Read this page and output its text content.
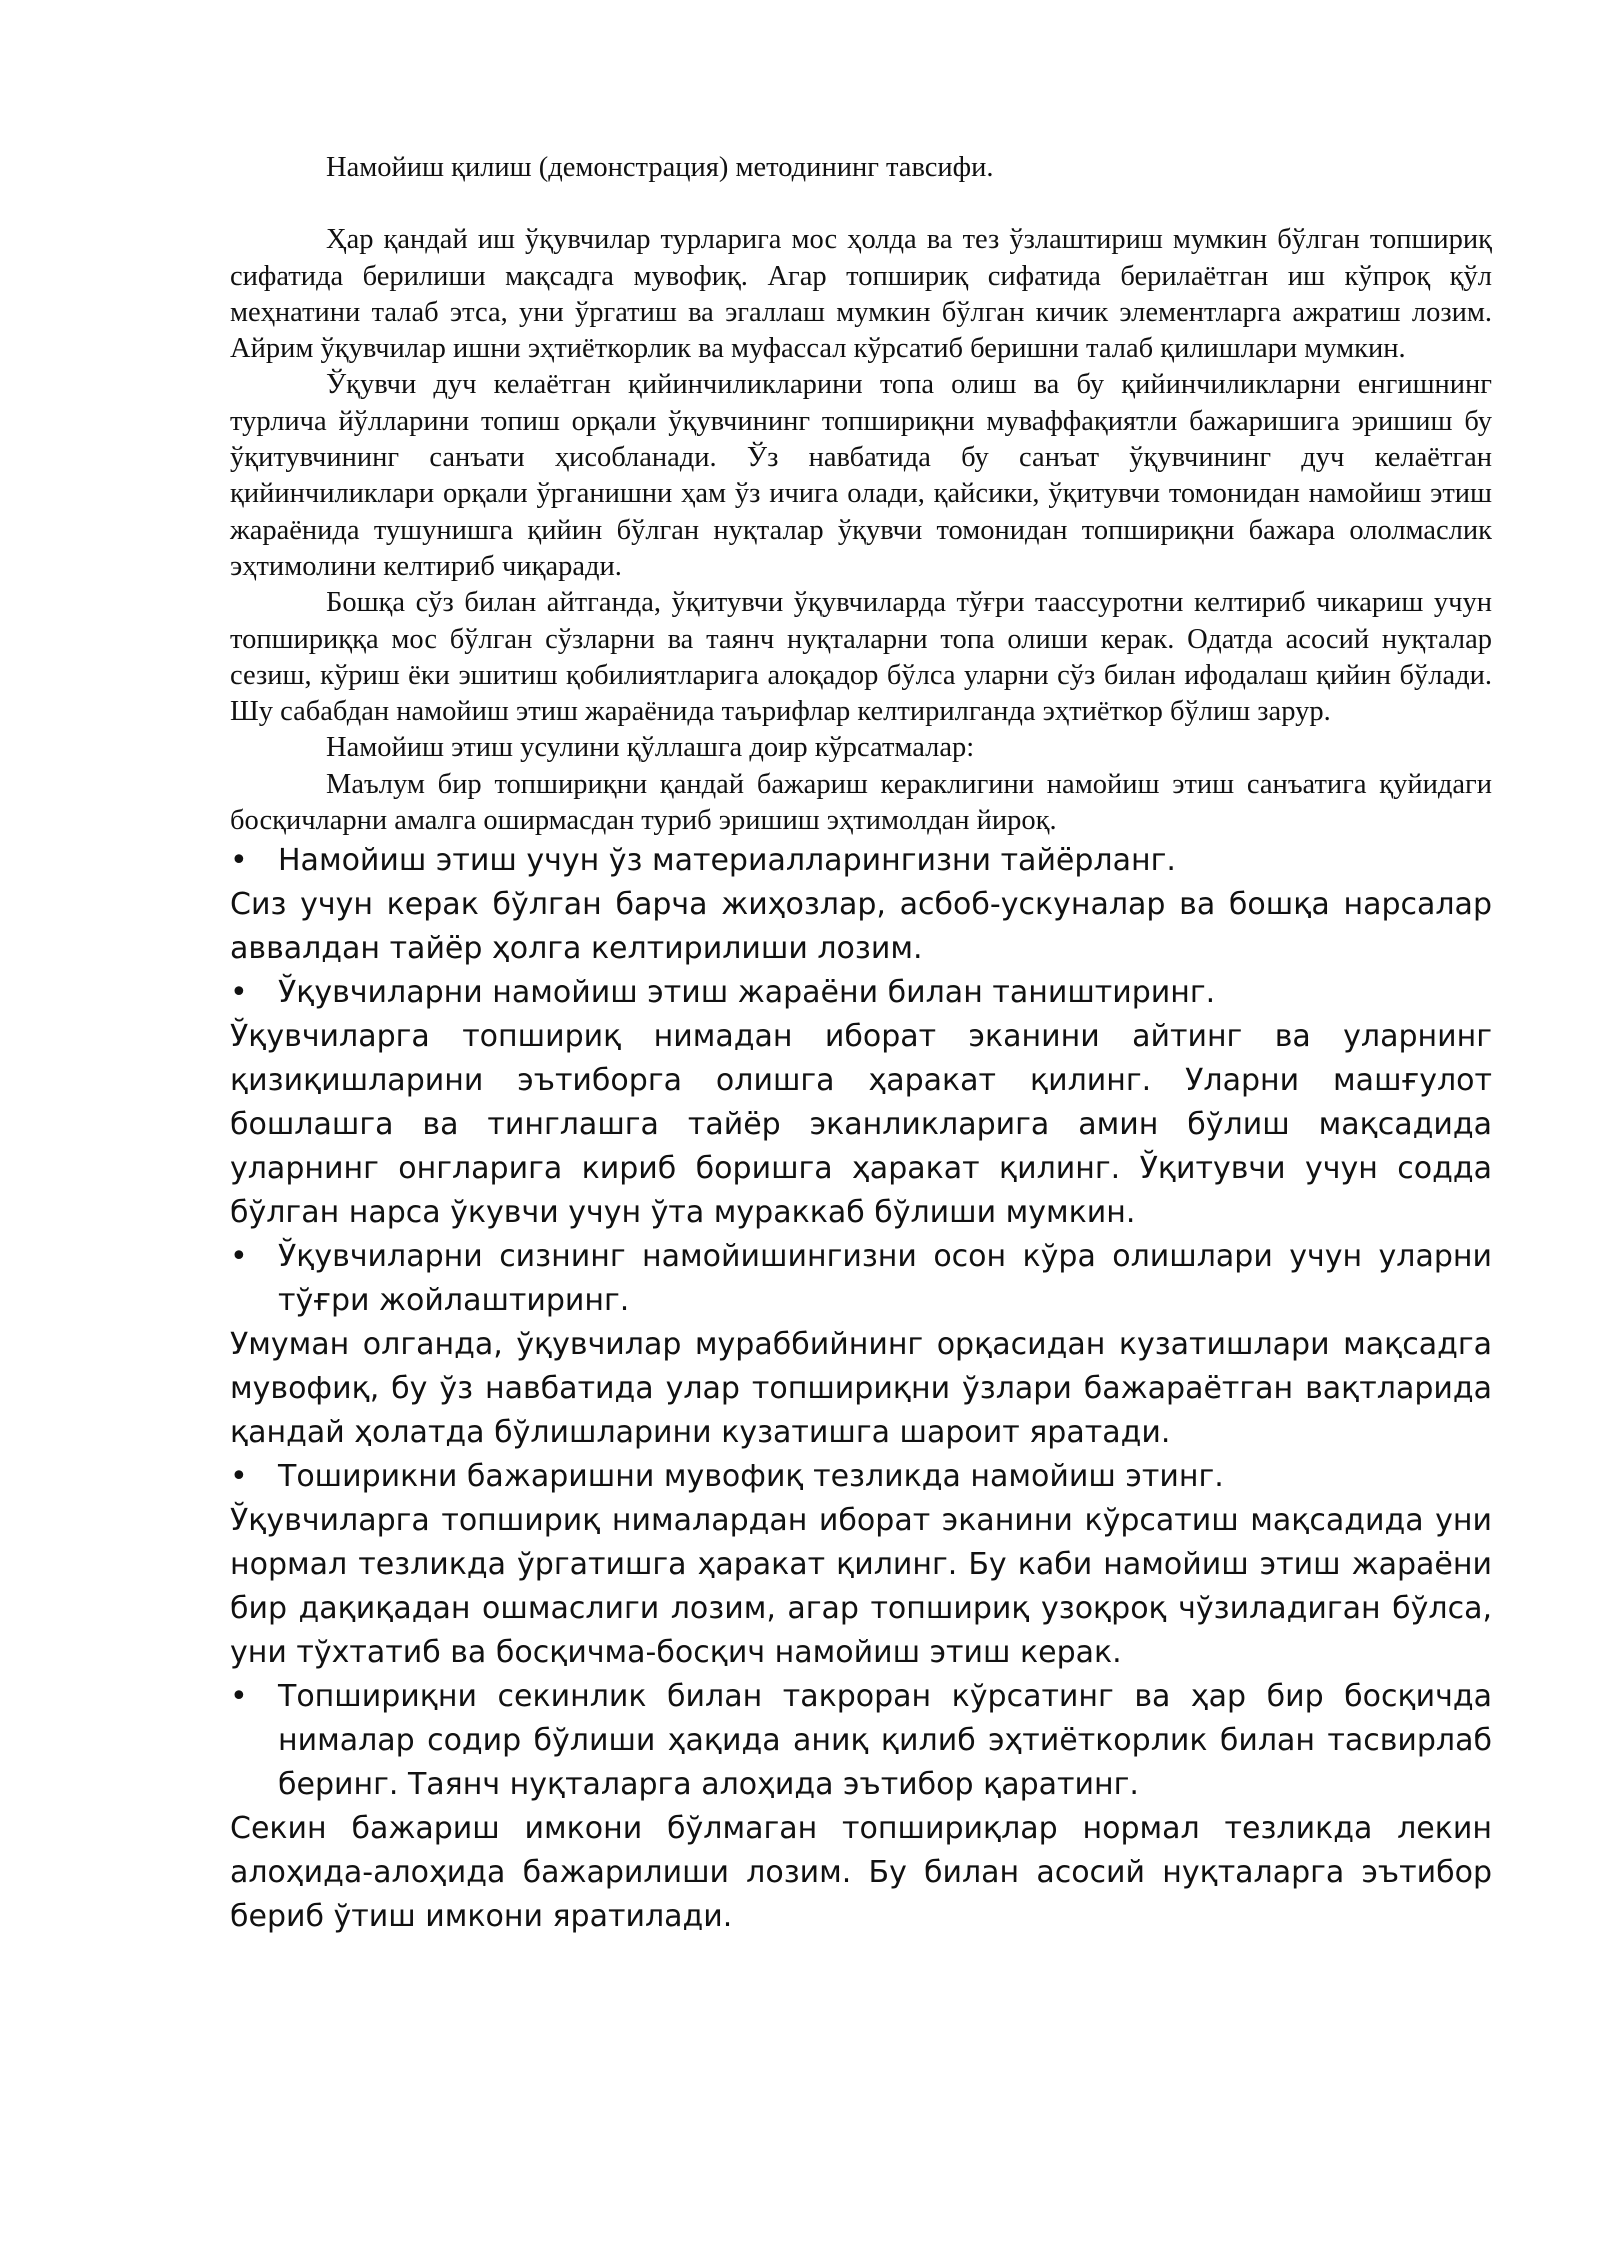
Намойиш қилиш (демонстрация) методининг тавсифи.

Ҳар қандай иш ўқувчилар турларига мос ҳолда ва тез ўзлаштириш мумкин бўлган топшириқ сифатида берилиши мақсадга мувофиқ. Агар топшириқ сифатида берилаётган иш кўпроқ қўл меҳнатини талаб этса, уни ўргатиш ва эгаллаш мумкин бўлган кичик элементларга ажратиш лозим. Айрим ўқувчилар ишни эҳтиёткорлик ва муфассал кўрсатиб беришни талаб қилишлари мумкин.

Ўқувчи дуч келаётган қийинчиликларини топа олиш ва бу қийинчиликларни енгишнинг турлича йўлларини топиш орқали ўқувчининг топшириқни муваффақиятли бажаришига эришиш бу ўқитувчининг санъати ҳисобланади. Ўз навбатида бу санъат ўқувчининг дуч келаётган қийинчиликлари орқали ўрганишни ҳам ўз ичига олади, қайсики, ўқитувчи томонидан намойиш этиш жараёнида тушунишга қийин бўлган нуқталар ўқувчи томонидан топшириқни бажара ололмаслик эҳтимолини келтириб чиқаради.

Бошқа сўз билан айтганда, ўқитувчи ўқувчиларда тўғри таассуротни келтириб чикариш учун топшириққа мос бўлган сўзларни ва таянч нуқталарни топа олиши керак. Одатда асосий нуқталар сезиш, кўриш ёки эшитиш қобилиятларига алоқадор бўлса уларни сўз билан ифодалаш қийин бўлади. Шу сабабдан намойиш этиш жараёнида таърифлар келтирилганда эҳтиёткор бўлиш зарур.

Намойиш этиш усулини қўллашга доир кўрсатмалар:

Маълум бир топшириқни қандай бажариш кераклигини намойиш этиш санъатига қуйидаги босқичларни амалга оширмасдан туриб эришиш эҳтимолдан йироқ.

• Намойиш этиш учун ўз материалларингизни тайёрланг.

Сиз учун керак бўлган барча жиҳозлар, асбоб-ускуналар ва бошқа нарсалар аввалдан тайёр ҳолга келтирилиши лозим.

• Ўқувчиларни намойиш этиш жараёни билан таништиринг.

Ўқувчиларга топшириқ нимадан иборат эканини айтинг ва уларнинг қизиқишларини эътиборга олишга ҳаракат қилинг. Уларни машғулот бошлашга ва тинглашга тайёр эканликларига амин бўлиш мақсадида уларнинг онгларига кириб боришга ҳаракат қилинг. Ўқитувчи учун содда бўлган нарса ўкувчи учун ўта мураккаб бўлиши мумкин.

• Ўқувчиларни сизнинг намойишингизни осон кўра олишлари учун уларни тўғри жойлаштиринг.

Умуман олганда, ўқувчилар мураббийнинг орқасидан кузатишлари мақсадга мувофиқ, бу ўз навбатида улар топшириқни ўзлари бажараётган вақтларида қандай ҳолатда бўлишларини кузатишга шароит яратади.

• Тоширикни бажаришни мувофиқ тезликда намойиш этинг.

Ўқувчиларга топшириқ нималардан иборат эканини кўрсатиш мақсадида уни нормал тезликда ўргатишга ҳаракат қилинг. Бу каби намойиш этиш жараёни бир дақиқадан ошмаслиги лозим, агар топшириқ узоқроқ чўзиладиган бўлса, уни тўхтатиб ва босқичма-босқич намойиш этиш керак.

• Топшириқни секинлик билан такроран кўрсатинг ва ҳар бир босқичда нималар содир бўлиши ҳақида аниқ қилиб эҳтиёткорлик билан тасвирлаб беринг. Таянч нуқталарга алоҳида эътибор қаратинг.

Секин бажариш имкони бўлмаган топшириқлар нормал тезликда лекин алоҳида-алоҳида бажарилиши лозим. Бу билан асосий нуқталарга эътибор бериб ўтиш имкони яратилади.
